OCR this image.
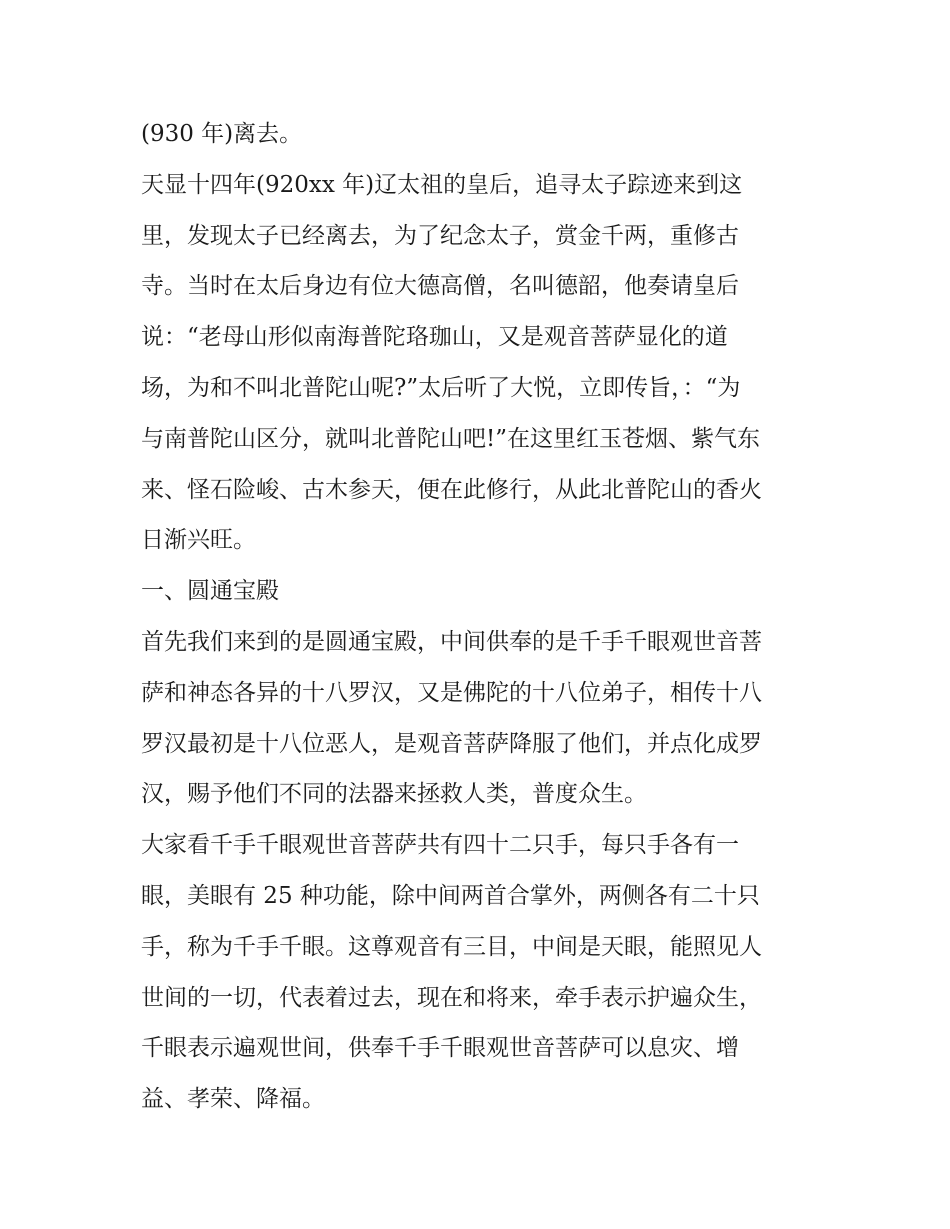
(930 年)离去。
天显十四年(920xx 年)辽太祖的皇后，追寻太子踪迹来到这
里，发现太子已经离去，为了纪念太子，赏金千两，重修古
寺。当时在太后身边有位大德高僧，名叫德韶，他奏请皇后
说：“老母山形似南海普陀珞珈山，又是观音菩萨显化的道
场，为和不叫北普陀山呢?”太后听了大悦，立即传旨，：“为
与南普陀山区分，就叫北普陀山吧!”在这里红玉苍烟、紫气东
来、怪石险峻、古木参天，便在此修行，从此北普陀山的香火
日渐兴旺。
一、圆通宝殿
首先我们来到的是圆通宝殿，中间供奉的是千手千眼观世音菩
萨和神态各异的十八罗汉，又是佛陀的十八位弟子，相传十八
罗汉最初是十八位恶人，是观音菩萨降服了他们，并点化成罗
汉，赐予他们不同的法器来拯救人类，普度众生。
大家看千手千眼观世音菩萨共有四十二只手，每只手各有一
眼，美眼有 25 种功能，除中间两首合掌外，两侧各有二十只
手，称为千手千眼。这尊观音有三目，中间是天眼，能照见人
世间的一切，代表着过去，现在和将来，牵手表示护遍众生，
千眼表示遍观世间，供奉千手千眼观世音菩萨可以息灾、增
益、孝荣、降福。
